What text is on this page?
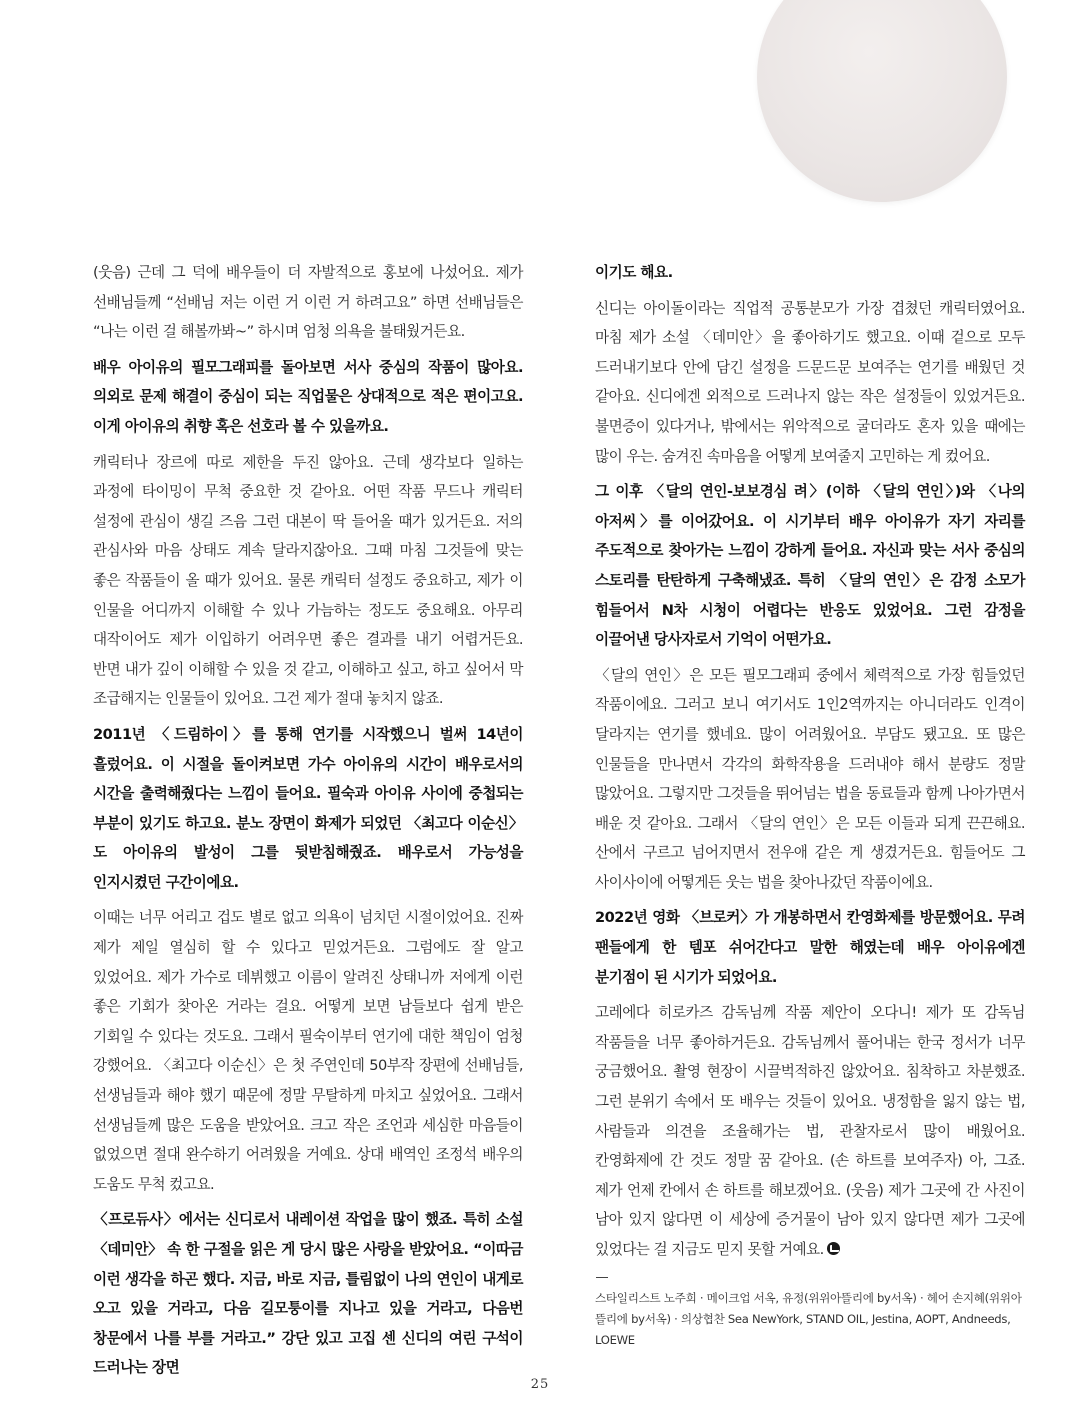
(웃음) 근데 그 덕에 배우들이 더 자발적으로 홍보에 나섰어요. 제가 선배님들께 “선배님 저는 이런 거 이런 거 하려고요” 하면 선배님들은 “나는 이런 걸 해볼까봐~” 하시며 엄청 의욕을 불태웠거든요.

배우 아이유의 필모그래피를 돌아보면 서사 중심의 작품이 많아요. 의외로 문제 해결이 중심이 되는 직업물은 상대적으로 적은 편이고요. 이게 아이유의 취향 혹은 선호라 볼 수 있을까요.

캐릭터나 장르에 따로 제한을 두진 않아요. 근데 생각보다 일하는 과정에 타이밍이 무척 중요한 것 같아요. 어떤 작품 무드나 캐릭터 설정에 관심이 생길 즈음 그런 대본이 딱 들어올 때가 있거든요. 저의 관심사와 마음 상태도 계속 달라지잖아요. 그때 마침 그것들에 맞는 좋은 작품들이 올 때가 있어요. 물론 캐릭터 설정도 중요하고, 제가 이 인물을 어디까지 이해할 수 있나 가늠하는 정도도 중요해요. 아무리 대작이어도 제가 이입하기 어려우면 좋은 결과를 내기 어렵거든요. 반면 내가 깊이 이해할 수 있을 것 같고, 이해하고 싶고, 하고 싶어서 막 조급해지는 인물들이 있어요. 그건 제가 절대 놓치지 않죠.

2011년 〈드림하이〉를 통해 연기를 시작했으니 벌써 14년이 흘렀어요. 이 시절을 돌이켜보면 가수 아이유의 시간이 배우로서의 시간을 출력해줬다는 느낌이 들어요. 필숙과 아이유 사이에 중첩되는 부분이 있기도 하고요. 분노 장면이 화제가 되었던 〈최고다 이순신〉도 아이유의 발성이 그를 뒷받침해줬죠. 배우로서 가능성을 인지시켰던 구간이에요.

이때는 너무 어리고 겁도 별로 없고 의욕이 넘치던 시절이었어요. 진짜 제가 제일 열심히 할 수 있다고 믿었거든요. 그럼에도 잘 알고 있었어요. 제가 가수로 데뷔했고 이름이 알려진 상태니까 저에게 이런 좋은 기회가 찾아온 거라는 걸요. 어떻게 보면 남들보다 쉽게 받은 기회일 수 있다는 것도요. 그래서 필숙이부터 연기에 대한 책임이 엄청 강했어요. 〈최고다 이순신〉은 첫 주연인데 50부작 장편에 선배님들, 선생님들과 해야 했기 때문에 정말 무탈하게 마치고 싶었어요. 그래서 선생님들께 많은 도움을 받았어요. 크고 작은 조언과 세심한 마음들이 없었으면 절대 완수하기 어려웠을 거예요. 상대 배역인 조정석 배우의 도움도 무척 컸고요.

〈프로듀사〉에서는 신디로서 내레이션 작업을 많이 했죠. 특히 소설 〈데미안〉 속 한 구절을 읽은 게 당시 많은 사랑을 받았어요. “이따금 이런 생각을 하곤 했다. 지금, 바로 지금, 틀림없이 나의 연인이 내게로 오고 있을 거라고, 다음 길모퉁이를 지나고 있을 거라고, 다음번 창문에서 나를 부를 거라고.” 강단 있고 고집 센 신디의 여린 구석이 드러나는 장면

이기도 해요.

신디는 아이돌이라는 직업적 공통분모가 가장 겹쳤던 캐릭터였어요. 마침 제가 소설 〈데미안〉을 좋아하기도 했고요. 이때 겉으로 모두 드러내기보다 안에 담긴 설정을 드문드문 보여주는 연기를 배웠던 것 같아요. 신디에겐 외적으로 드러나지 않는 작은 설정들이 있었거든요. 불면증이 있다거나, 밖에서는 위악적으로 굴더라도 혼자 있을 때에는 많이 우는. 숨겨진 속마음을 어떻게 보여줄지 고민하는 게 컸어요.

그 이후 〈달의 연인-보보경심 려〉(이하 〈달의 연인〉)와 〈나의 아저씨〉를 이어갔어요. 이 시기부터 배우 아이유가 자기 자리를 주도적으로 찾아가는 느낌이 강하게 들어요. 자신과 맞는 서사 중심의 스토리를 탄탄하게 구축해냈죠. 특히 〈달의 연인〉은 감정 소모가 힘들어서 N차 시청이 어렵다는 반응도 있었어요. 그런 감정을 이끌어낸 당사자로서 기억이 어떤가요.

〈달의 연인〉은 모든 필모그래피 중에서 체력적으로 가장 힘들었던 작품이에요. 그러고 보니 여기서도 1인2역까지는 아니더라도 인격이 달라지는 연기를 했네요. 많이 어려웠어요. 부담도 됐고요. 또 많은 인물들을 만나면서 각각의 화학작용을 드러내야 해서 분량도 정말 많았어요. 그렇지만 그것들을 뛰어넘는 법을 동료들과 함께 나아가면서 배운 것 같아요. 그래서 〈달의 연인〉은 모든 이들과 되게 끈끈해요. 산에서 구르고 넘어지면서 전우애 같은 게 생겼거든요. 힘들어도 그 사이사이에 어떻게든 웃는 법을 찾아나갔던 작품이에요.

2022년 영화 〈브로커〉가 개봉하면서 칸영화제를 방문했어요. 무려 팬들에게 한 템포 쉬어간다고 말한 해였는데 배우 아이유에겐 분기점이 된 시기가 되었어요.

고레에다 히로카즈 감독님께 작품 제안이 오다니! 제가 또 감독님 작품들을 너무 좋아하거든요. 감독님께서 풀어내는 한국 정서가 너무 궁금했어요. 촬영 현장이 시끌벅적하진 않았어요. 침착하고 차분했죠. 그런 분위기 속에서 또 배우는 것들이 있어요. 냉정함을 잃지 않는 법, 사람들과 의견을 조율해가는 법, 관찰자로서 많이 배웠어요. 칸영화제에 간 것도 정말 꿈 같아요. (손 하트를 보여주자) 아, 그죠. 제가 언제 칸에서 손 하트를 해보겠어요. (웃음) 제가 그곳에 간 사진이 남아 있지 않다면 이 세상에 증거물이 남아 있지 않다면 제가 그곳에 있었다는 걸 지금도 믿지 못할 거예요.

스타일리스트 노주희 · 메이크업 서옥, 유정(위위아뜰리에 by서옥) · 헤어 손지혜(위위아뜰리에 by서옥) · 의상협찬 Sea NewYork, STAND OIL, Jestina, AOPT, Andneeds, LOEWE
25
